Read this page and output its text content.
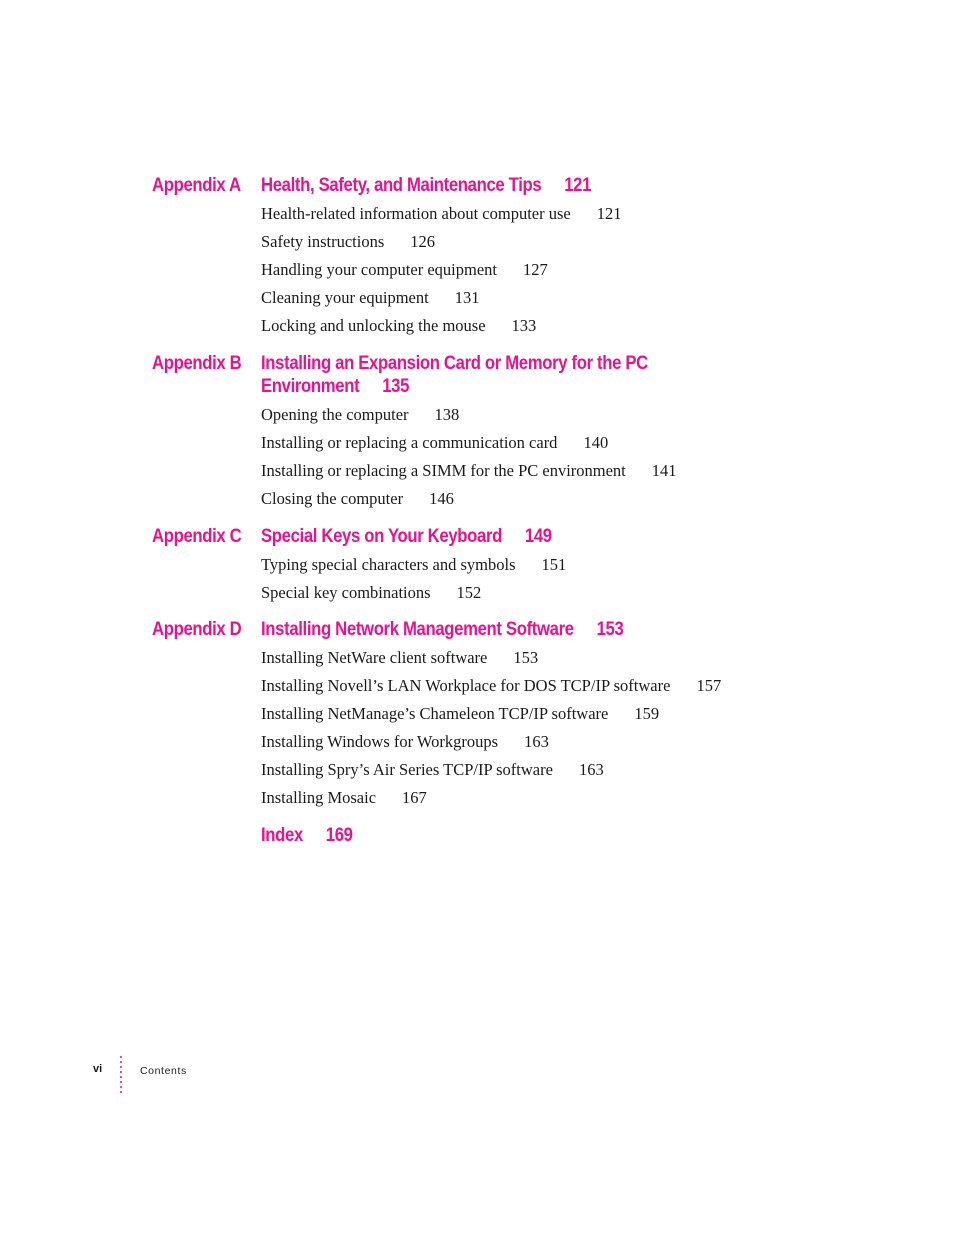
Appendix A Health, Safety, and Maintenance Tips 121
Health-related information about computer use 121
Safety instructions 126
Handling your computer equipment 127
Cleaning your equipment 131
Locking and unlocking the mouse 133
Appendix B Installing an Expansion Card or Memory for the PC Environment 135
Opening the computer 138
Installing or replacing a communication card 140
Installing or replacing a SIMM for the PC environment 141
Closing the computer 146
Appendix C Special Keys on Your Keyboard 149
Typing special characters and symbols 151
Special key combinations 152
Appendix D Installing Network Management Software 153
Installing NetWare client software 153
Installing Novell’s LAN Workplace for DOS TCP/IP software 157
Installing NetManage’s Chameleon TCP/IP software 159
Installing Windows for Workgroups 163
Installing Spry’s Air Series TCP/IP software 163
Installing Mosaic 167
Index 169
vi	Contents
